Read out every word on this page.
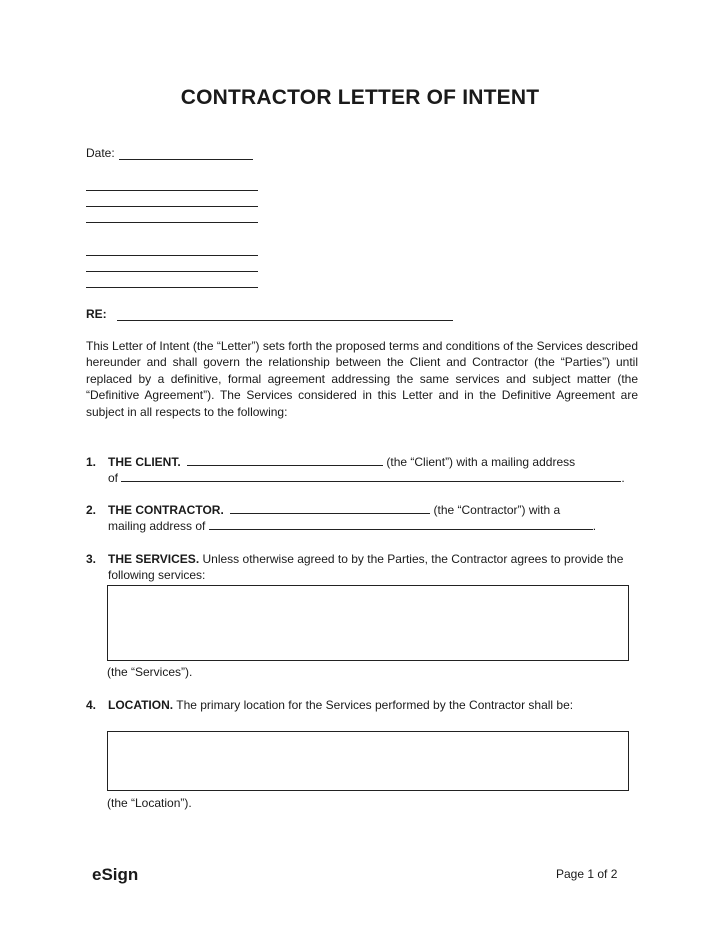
CONTRACTOR LETTER OF INTENT
Date:
RE:
This Letter of Intent (the “Letter”) sets forth the proposed terms and conditions of the Services described hereunder and shall govern the relationship between the Client and Contractor (the “Parties”) until replaced by a definitive, formal agreement addressing the same services and subject matter (the “Definitive Agreement”). The Services considered in this Letter and in the Definitive Agreement are subject in all respects to the following:
1. THE CLIENT.	(the “Client”) with a mailing address
of	.
2. THE CONTRACTOR.	(the “Contractor”) with a
mailing address of	.
3. THE SERVICES. Unless otherwise agreed to by the Parties, the Contractor agrees to provide the following services:
(the “Services”).
4. LOCATION. The primary location for the Services performed by the Contractor shall be:
(the “Location”).
eSign	Page 1 of 2
